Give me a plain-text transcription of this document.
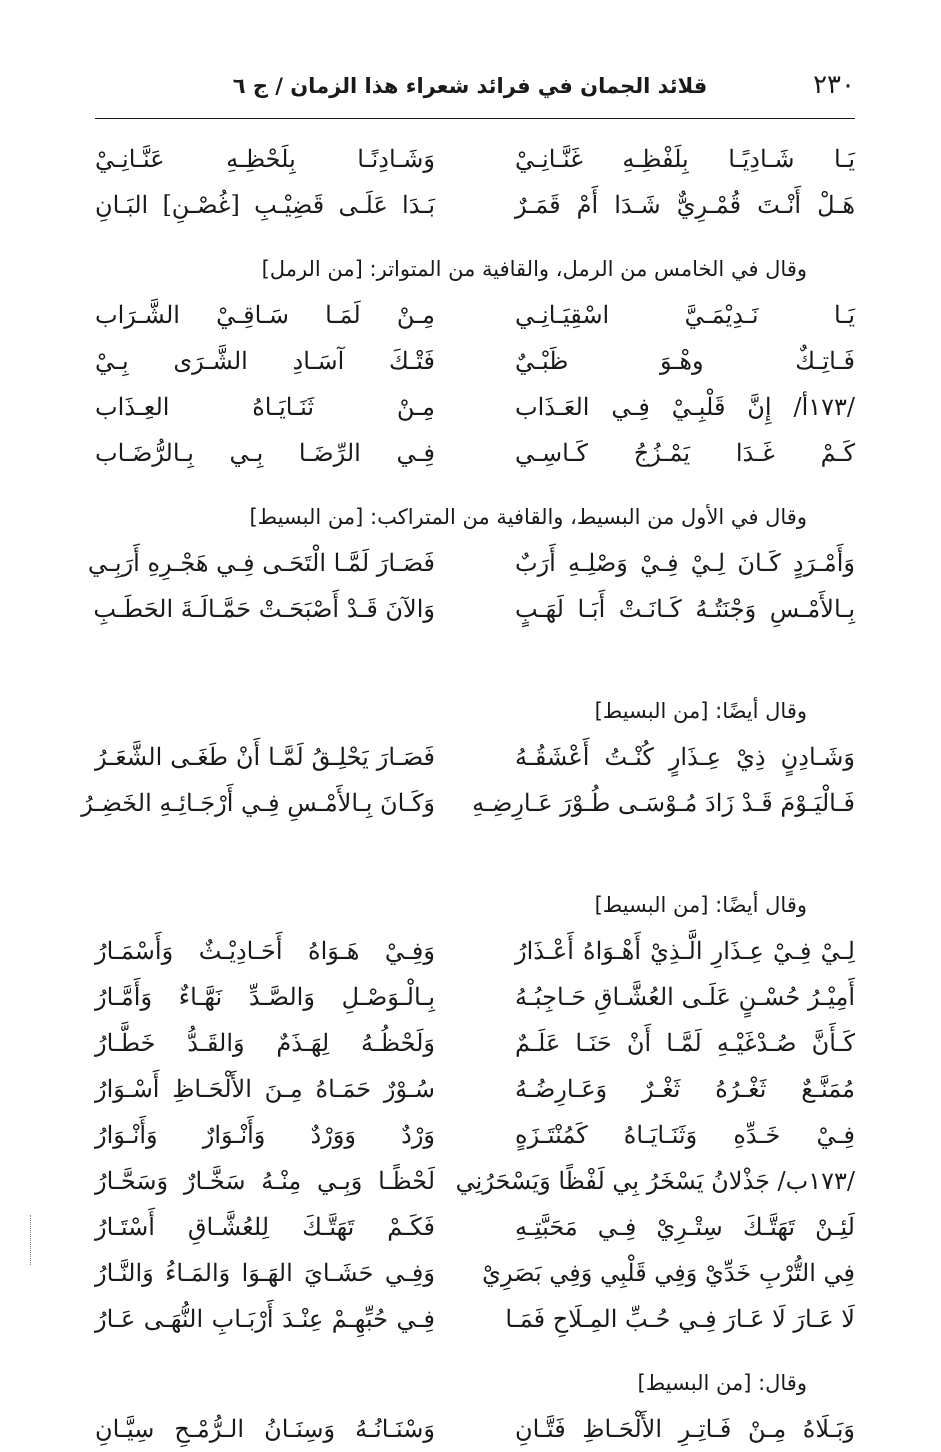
٢٣٠
قلائد الجمان في فرائد شعراء هذا الزمان / ج ٦
يَـا شَـادِيًـا بِلَفْظِـهِ غَنَّـانِـيْ
وَشَـادِنًـا بِلَحْظِـهِ عَنَّـانِـيْ
هَـلْ أَنْـتَ قُمْـرِيٌّ شَـدَا أَمْ قَمَـرٌ
بَـدَا عَلَـى قَضِيْـبِ [غُصْـنِ] البَـانِ
وقال في الخامس من الرمل، والقافية من المتواتر: [من الرمل]
يَـا نَـدِيْمَـيَّ اسْقِيَـانِـي
مِـنْ لَمَـا سَـاقِـيْ الشَّـرَاب
فَـاتِـكٌ وهْـوَ ظَبْـيٌ
فَتْـكَ آسَـادِ الشَّـرَى بِـيْ
/١٧٣أ/ إِنَّ قَلْبِـيْ فِـي العَـذَاب
مِـنْ ثَنَـايَـاهُ العِـذَاب
كَـمْ غَـدَا يَمْـزُجُ كَـاسِـي
فِـي الرِّضَـا بِـي بِـالرُّضَـاب
وقال في الأول من البسيط، والقافية من المتراكب: [من البسيط]
وَأَمْـرَدٍ كَـانَ لِـيْ فِـيْ وَصْلِـهِ أَرَبٌ
فَصَـارَ لَمَّـا الْتَحَـى فِـي هَجْـرِهِ أَرَبِـي
بِـالأَمْـسِ وَجْنَتُـهُ كَـانَـتْ أَبَـا لَهَـبٍ
وَالآنَ قَـدْ أَصْبَحَـتْ حَمَّـالَـةَ الحَطَـبِ
وقال أيضًا: [من البسيط]
وَشَـادِنٍ ذِيْ عِـذَارٍ كُنْـتُ أَعْشَقُـهُ
فَصَـارَ يَحْلِـقُ لَمَّـا أَنْ طَغَـى الشَّعَـرُ
فَـالْيَـوْمَ قَـدْ زَادَ مُـوْسَـى طُـوْرَ عَـارِضِـهِ
وَكَـانَ بِـالأَمْـسِ فِـي أَرْجَـائِـهِ الخَضِـرُ
وقال أيضًا: [من البسيط]
لِـيْ فِـيْ عِـذَارِ الَّـذِيْ أَهْـوَاهُ أَعْـذَارُ
وَفِـيْ هَـوَاهُ أَحَـادِيْـثٌ وَأَسْمَـارُ
أَمِيْـرُ حُسْـنٍ عَلَـى العُشَّـاقِ حَـاجِبُـهُ
بِـالْـوَصْـلِ وَالصَّـدِّ نَهَّـاءٌ وَأَمَّـارُ
كَـأَنَّ صُـدْغَيْـهِ لَمَّـا أَنْ حَنَـا عَلَـمٌ
وَلَحْظُـهُ لِهَـذَمٌ وَالقَـدُّ خَطَّـارُ
مُمَنَّـعٌ ثَغْـرُهُ ثَغْـرٌ وَعَـارِضُـهُ
سُـوْرٌ حَمَـاهُ مِـنَ الأَلْحَـاظِ أَسْـوَارُ
فِـيْ خَـدِّهِ وَثَنَـايَـاهُ كَمُنْتَـزَهٍ
وَرْدٌ وَوَرْدٌ وَأَنْـوَارٌ وَأَنْـوَارُ
/١٧٣ب/ جَذْلانُ يَسْخَرُ بِي لَفْظًا وَيَسْحَرُنِي
لَحْظًـا وَبِـي مِنْـهُ سَخَّـارٌ وَسَحَّـارُ
لَئِـنْ تَهَتَّـكَ سِتْـرِيْ فِـي مَحَبَّتِـهِ
فَكَـمْ تَهَتَّـكَ لِلعُشَّـاقِ أَسْتَـارُ
فِي التُّرْبِ خَدِّيْ وَفِي قَلْبِي وَفِي بَصَرِيْ
وَفِـي حَشَـايَ الهَـوَا وَالمَـاءُ وَالنَّـارُ
لَا عَـارَ لَا عَـارَ فِـي حُـبِّ المِـلَاحِ فَمَـا
فِـي حُبِّهِـمْ عِنْـدَ أَرْبَـابِ النُّهَـى عَـارُ
وقال: [من البسيط]
وَبَـلَاهُ مِـنْ فَـاتِـرِ الأَلْحَـاظِ فَتَّـانِ
وَسْنَـانُـهُ وَسِنَـانُ الـرُّمْـحِ سِيَّـانِ
